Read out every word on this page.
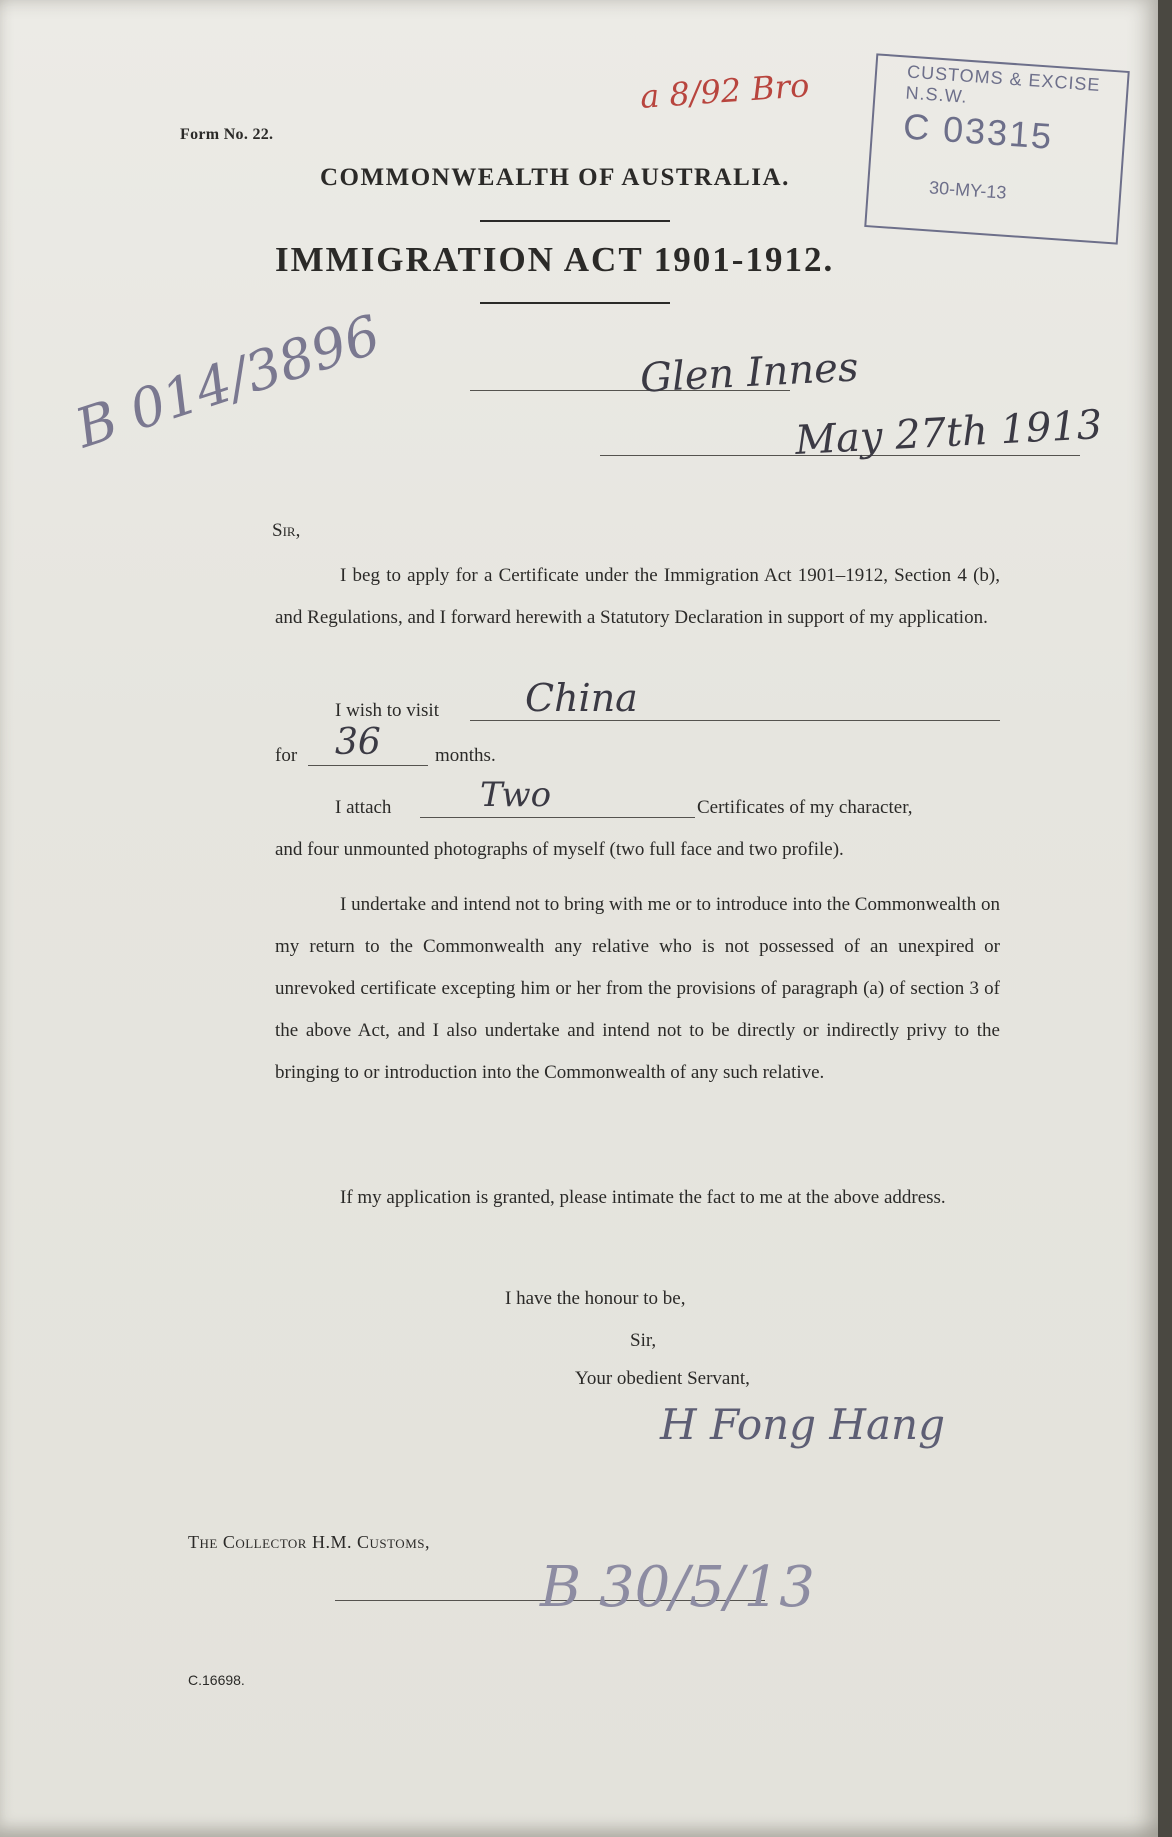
Form No. 22.
a 8/92 Bro	CUSTOMS & EXCISE N.S.W.
C 03315
30-MY-13
COMMONWEALTH OF AUSTRALIA.
IMMIGRATION ACT 1901-1912.
B 014/3896	Glen Innes
May 27th 1913
Sir,
I beg to apply for a Certificate under the Immigration Act 1901–1912, Section 4 (b), and Regulations, and I forward herewith a Statutory Declaration in support of my application.
I wish to visit China
for 36	months.
I attach	Two	Certificates of my character,
and four unmounted photographs of myself (two full face and two profile).
I undertake and intend not to bring with me or to introduce into the Commonwealth on my return to the Commonwealth any relative who is not possessed of an unexpired or unrevoked certificate excepting him or her from the provisions of paragraph (a) of section 3 of the above Act, and I also undertake and intend not to be directly or indirectly privy to the bringing to or introduction into the Commonwealth of any such relative.
If my application is granted, please intimate the fact to me at the above address.
I have the honour to be,
Sir,
Your obedient Servant,
H Fong Hang
The Collector H.M. Customs,
B 30/5/13
C.16698.
